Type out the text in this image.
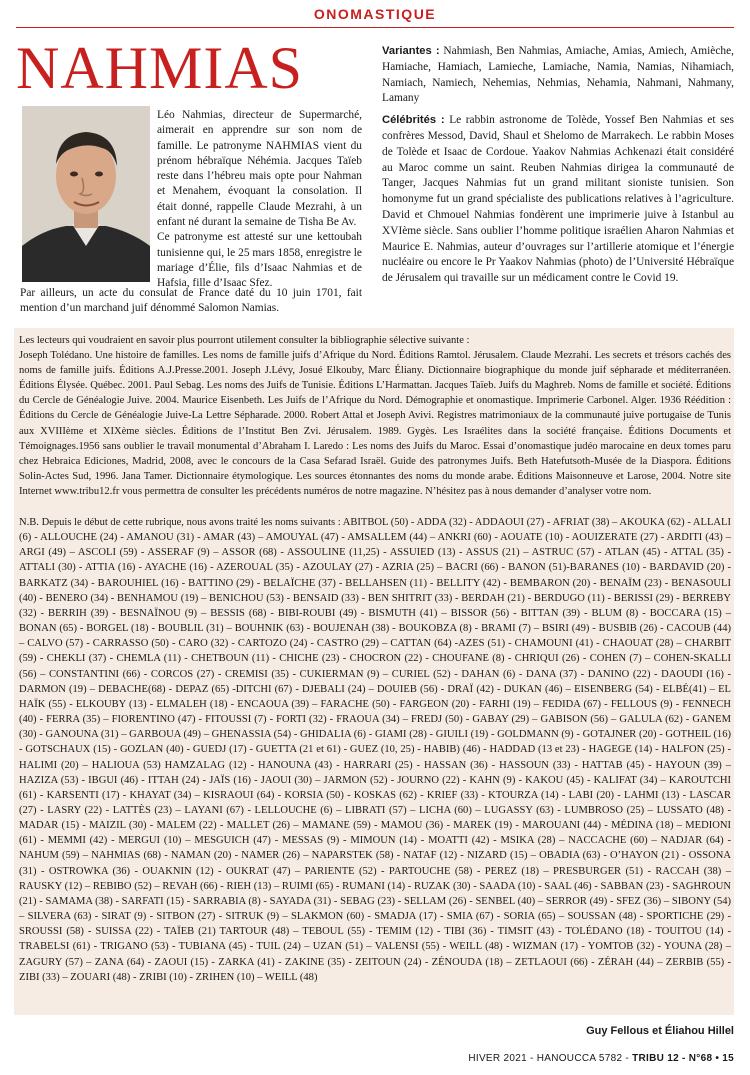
ONOMASTIQUE
NAHMIAS

Léo Nahmias, directeur de Supermarché, aimerait en apprendre sur son nom de famille. Le patronyme NAHMIAS vient du prénom hébraïque Néhémia. Jacques Taïeb reste dans l’hébreu mais opte pour Nahman et Menahem, évoquant la consolation. Il était donné, rappelle Claude Mezrahi, à un enfant né durant la semaine de Tisha Be Av.

Ce patronyme est attesté sur une kettoubah tunisienne qui, le 25 mars 1858, enregistre le mariage d’Élie, fils d’Isaac Nahmias et de Hafsia, fille d’Isaac Sfez.

Par ailleurs, un acte du consulat de France daté du 10 juin 1701, fait mention d’un marchand juif dénommé Salomon Namias.

Variantes : Nahmiash, Ben Nahmias, Amiache, Amias, Amiech, Amièche, Hamiache, Hamiach, Lamieche, Lamiache, Namia, Namias, Nihamiach, Namiach, Namiech, Nehemias, Nehmias, Nehamia, Nahmani, Nahmany, Lamany

Célébrités : Le rabbin astronome de Tolède, Yossef Ben Nahmias et ses confrères Messod, David, Shaul et Shelomo de Marrakech. Le rabbin Moses de Tolède et Isaac de Cordoue. Yaakov Nahmias Achkenazi était considéré au Maroc comme un saint. Reuben Nahmias dirigea la communauté de Tanger, Jacques Nahmias fut un grand militant sioniste tunisien. Son homonyme fut un grand spécialiste des publications relatives à l’agriculture. David et Chmouel Nahmias fondèrent une imprimerie juive à Istanbul au XVIème siècle. Sans oublier l’homme politique israélien Aharon Nahmias et Maurice E. Nahmias, auteur d’ouvrages sur l’artillerie atomique et l’énergie nucléaire ou encore le Pr Yaakov Nahmias (photo) de l’Université Hébraïque de Jérusalem qui travaille sur un médicament contre le Covid 19.

Les lecteurs qui voudraient en savoir plus pourront utilement consulter la bibliographie sélective suivante :

Joseph Tolédano. Une histoire de familles. Les noms de famille juifs d’Afrique du Nord. Éditions Ramtol. Jérusalem. Claude Mezrahi. Les secrets et trésors cachés des noms de famille juifs. Éditions A.J.Presse.2001. Joseph J.Lévy, Josué Elkouby, Marc Éliany. Dictionnaire biographique du monde juif sépharade et méditerranéen. Éditions Élysée. Québec. 2001. Paul Sebag. Les noms des Juifs de Tunisie. Éditions L’Harmattan. Jacques Taïeb. Juifs du Maghreb. Noms de famille et société. Éditions du Cercle de Généalogie Juive. 2004. Maurice Eisenbeth. Les Juifs de l’Afrique du Nord. Démographie et onomastique. Imprimerie Carbonel. Alger. 1936 Réédition : Éditions du Cercle de Généalogie Juive-La Lettre Sépharade. 2000. Robert Attal et Joseph Avivi. Registres matrimoniaux de la communauté juive portugaise de Tunis aux XVIIIème et XIXème siècles. Éditions de l’Institut Ben Zvi. Jérusalem. 1989. Gygès. Les Israélites dans la société française. Éditions Documents et Témoignages.1956 sans oublier le travail monumental d’Abraham I. Laredo : Les noms des Juifs du Maroc. Essai d’onomastique judéo marocaine en deux tomes paru chez Hebraica Ediciones, Madrid, 2008, avec le concours de la Casa Sefarad Israël. Guide des patronymes Juifs. Beth Hatefutsoth-Musée de la Diaspora. Éditions Solin-Actes Sud, 1996. Jana Tamer. Dictionnaire étymologique. Les sources étonnantes des noms du monde arabe. Éditions Maisonneuve et Larose, 2004. Notre site Internet www.tribu12.fr vous permettra de consulter les précédents numéros de notre magazine. N’hésitez pas à nous demander d’analyser votre nom.

N.B. Depuis le début de cette rubrique, nous avons traité les noms suivants : ABITBOL (50) - ADDA (32) - ADDAOUI (27) - AFRIAT (38) – AKOUKA (62) - ALLALI (6) - ALLOUCHE (24) - AMANOU (31) - AMAR (43) – AMOUYAL (47) - AMSALLEM (44) – ANKRI (60) - AOUATE (10) - AOUIZERATE (27) - ARDITI (43) – ARGI (49) – ASCOLI (59) - ASSERAF (9) – ASSOR (68) - ASSOULINE (11,25) - ASSUIED (13) - ASSUS (21) – ASTRUC (57) - ATLAN (45) - ATTAL (35) - ATTALI (30) - ATTIA (16) - AYACHE (16) - AZEROUAL (35) - AZOULAY (27) - AZRIA (25) – BACRI (66) - BANON (51)-BARANES (10) - BARDAVID (20) - BARKATZ (34) - BAROUHIEL (16) - BATTINO (29) - BELAÏCHE (37) - BELLAHSEN (11) - BELLITY (42) - BEMBARON (20) - BENAÏM (23) - BENASOULI (40) - BENERO (34) - BENHAMOU (19) – BENICHOU (53) - BENSAID (33) - BEN SHITRIT (33) - BERDAH (21) - BERDUGO (11) - BERISSI (29) - BERREBY (32) - BERRIH (39) - BESNAÏNOU (9) – BESSIS (68) - BIBI-ROUBI (49) - BISMUTH (41) – BISSOR (56) - BITTAN (39) - BLUM (8) - BOCCARA (15) – BONAN (65) - BORGEL (18) - BOUBLIL (31) – BOUHNIK (63) - BOUJENAH (38) - BOUKOBZA (8) - BRAMI (7) – BSIRI (49) - BUSBIB (26) - CACOUB (44) – CALVO (57) - CARRASSO (50) - CARO (32) - CARTOZO (24) - CASTRO (29) – CATTAN (64) -AZES (51) - CHAMOUNI (41) - CHAOUAT (28) – CHARBIT (59) - CHEKLI (37) - CHEMLA (11) - CHETBOUN (11) - CHICHE (23) - CHOCRON (22) - CHOUFANE (8) - CHRIQUI (26) - COHEN (7) – COHEN-SKALLI (56) – CONSTANTINI (66) - CORCOS (27) - CREMISI (35) - CUKIERMAN (9) – CURIEL (52) - DAHAN (6) - DANA (37) - DANINO (22) - DAOUDI (16) - DARMON (19) – DEBACHE(68) - DEPAZ (65) -DITCHI (67) - DJEBALI (24) – DOUIEB (56) - DRAÏ (42) - DUKAN (46) – EISENBERG (54) - ELBÉ(41) – EL HAÏK (55) - ELKOUBY (13) - ELMALEH (18) - ENCAOUA (39) – FARACHE (50) - FARGEON (20) - FARHI (19) – FEDIDA (67) - FELLOUS (9) - FENNECH (40) - FERRA (35) – FIORENTINO (47) - FITOUSSI (7) - FORTI (32) - FRAOUA (34) – FREDJ (50) - GABAY (29) – GABISON (56) – GALULA (62) - GANEM (30) - GANOUNA (31) – GARBOUA (49) – GHENASSIA (54) - GHIDALIA (6) - GIAMI (28) - GIUILI (19) - GOLDMANN (9) - GOTAJNER (20) - GOTHEIL (16) - GOTSCHAUX (15) - GOZLAN (40) - GUEDJ (17) - GUETTA (21 et 61) - GUEZ (10, 25) - HABIB) (46) - HADDAD (13 et 23) - HAGEGE (14) - HALFON (25) - HALIMI (20) – HALIOUA (53) HAMZALAG (12) - HANOUNA (43) - HARRARI (25) - HASSAN (36) - HASSOUN (33) - HATTAB (45) - HAYOUN (39) – HAZIZA (53) - IBGUI (46) - ITTAH (24) - JAÏS (16) - JAOUI (30) – JARMON (52) - JOURNO (22) - KAHN (9) - KAKOU (45) - KALIFAT (34) – KAROUTCHI (61) - KARSENTI (17) - KHAYAT (34) – KISRAOUI (64) - KORSIA (50) - KOSKAS (62) - KRIEF (33) - KTOURZA (14) - LABI (20) - LAHMI (13) - LASCAR (27) - LASRY (22) - LATTÈS (23) – LAYANI (67) - LELLOUCHE (6) – LIBRATI (57) – LICHA (60) – LUGASSY (63) - LUMBROSO (25) – LUSSATO (48) - MADAR (15) - MAIZIL (30) - MALEM (22) - MALLET (26) – MAMANE (59) - MAMOU (36) - MAREK (19) - MAROUANI (44) - MÉDINA (18) – MEDIONI (61) - MEMMI (42) - MERGUI (10) – MESGUICH (47) - MESSAS (9) - MIMOUN (14) - MOATTI (42) - MSIKA (28) – NACCACHE (60) – NADJAR (64) - NAHUM (59) – NAHMIAS (68) - NAMAN (20) - NAMER (26) – NAPARSTEK (58) - NATAF (12) - NIZARD (15) – OBADIA (63) - O’HAYON (21) - OSSONA (31) - OSTROWKA (36) - OUAKNIN (12) - OUKRAT (47) – PARIENTE (52) - PARTOUCHE (58) - PEREZ (18) – PRESBURGER (51) - RACCAH (38) – RAUSKY (12) – REBIBO (52) – REVAH (66) - RIEH (13) – RUIMI (65) - RUMANI (14) - RUZAK (30) - SAADA (10) - SAAL (46) - SABBAN (23) - SAGHROUN (21) - SAMAMA (38) - SARFATI (15) - SARRABIA (8) - SAYADA (31) - SEBAG (23) - SELLAM (26) - SENBEL (40) – SERROR (49) - SFEZ (36) – SIBONY (54) – SILVERA (63) - SIRAT (9) - SITBON (27) - SITRUK (9) – SLAKMON (60) - SMADJA (17) - SMIA (67) - SORIA (65) – SOUSSAN (48) - SPORTICHE (29) - SROUSSI (58) - SUISSA (22) - TAÏEB (21) TARTOUR (48) – TEBOUL (55) - TEMIM (12) - TIBI (36) - TIMSIT (43) - TOLÉDANO (18) - TOUITOU (14) - TRABELSI (61) - TRIGANO (53) - TUBIANA (45) - TUIL (24) – UZAN (51) – VALENSI (55) - WEILL (48) - WIZMAN (17) - YOMTOB (32) - YOUNA (28) – ZAGURY (57) – ZANA (64) - ZAOUI (15) - ZARKA (41) - ZAKINE (35) - ZEITOUN (24) - ZÉNOUDA (18) – ZETLAOUI (66) - ZÉRAH (44) – ZERBIB (55) - ZIBI (33) – ZOUARI (48) - ZRIBI (10) - ZRIHEN (10) – WEILL (48)

Guy Fellous et Éliahou Hillel
HIVER 2021 - HANOUCCA 5782 - TRIBU 12 - N°68 • 15
